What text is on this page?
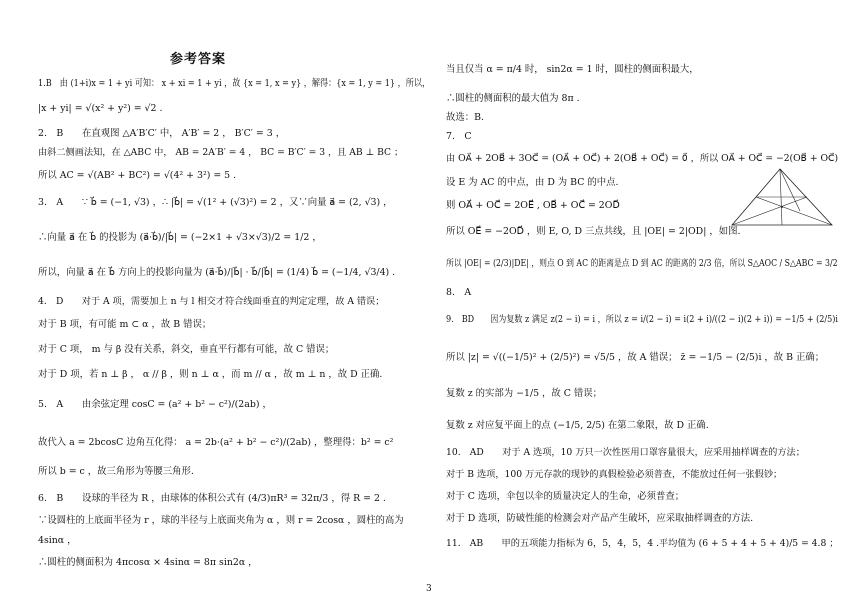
参考答案
1.B　由 (1+i)x = 1 + yi 可知： x + xi = 1 + yi ，故 {x = 1, x = y} ，解得：{x = 1, y = 1} ，所以，
|x + yi| = √(x² + y²) = √2 .
2.　B　　在直观图 △A′B′C′ 中， A′B′ = 2 ， B′C′ = 3 ，
由斜二侧画法知，在 △ABC 中， AB = 2A′B′ = 4 ， BC = B′C′ = 3 ，且 AB ⊥ BC ；
所以 AC = √(AB² + BC²) = √(4² + 3²) = 5 .
3.　A　　∵ b⃗ = (−1, √3) ，∴ |b⃗| = √(1² + (√3)²) = 2 ，又∵向量 a⃗ = (2, √3) ，
∴向量 a⃗ 在 b⃗ 的投影为 (a⃗·b⃗)/|b⃗| = (−2×1 + √3×√3)/2 = 1/2 ，
所以，向量 a⃗ 在 b⃗ 方向上的投影向量为 (a⃗·b⃗)/|b⃗| · b⃗/|b⃗| = (1/4) b⃗ = (−1/4, √3/4) .
4.　D　　对于 A 项，需要加上 n 与 l 相交才符合线面垂直的判定定理，故 A 错误；
对于 B 项，有可能 m ⊂ α ，故 B 错误；
对于 C 项， m 与 β 没有关系，斜交，垂直平行都有可能，故 C 错误；
对于 D 项，若 n ⊥ β ， α // β ，则 n ⊥ α ，而 m // α ，故 m ⊥ n ，故 D 正确.
5.　A　　由余弦定理 cosC = (a² + b² − c²)/(2ab) ，
故代入 a = 2bcosC 边角互化得： a = 2b·(a² + b² − c²)/(2ab) ，整理得：b² = c²
所以 b = c ，故三角形为等腰三角形.
6.　B　　设球的半径为 R ，由球体的体积公式有 (4/3)πR³ = 32π/3 ，得 R = 2 .
∵设圆柱的上底面半径为 r ，球的半径与上底面夹角为 α ，则 r = 2cosα ，圆柱的高为
4sinα ，
∴圆柱的侧面积为 4πcosα × 4sinα = 8π sin2α ，
当且仅当 α = π/4 时， sin2α = 1 时，圆柱的侧面积最大，
∴圆柱的侧面积的最大值为 8π .
故选：B.
7.　C
由 OA⃗ + 2OB⃗ + 3OC⃗ = (OA⃗ + OC⃗) + 2(OB⃗ + OC⃗) = 0⃗ ，所以 OA⃗ + OC⃗ = −2(OB⃗ + OC⃗)
设 E 为 AC 的中点，由 D 为 BC 的中点.
则 OA⃗ + OC⃗ = 2OE⃗ , OB⃗ + OC⃗ = 2OD⃗
所以 OE⃗ = −2OD⃗ ，则 E, O, D 三点共线，且 |OE| = 2|OD| ，如图.
所以 |OE| = (2/3)|DE| ，则点 O 到 AC 的距离是点 D 到 AC 的距离的 2/3 倍，所以 S△AOC / S△ABC = 3/2
8.　A
9.　BD　　因为复数 z 满足 z(2 − i) = i ，所以 z = i/(2 − i) = i(2 + i)/((2 − i)(2 + i)) = −1/5 + (2/5)i
所以 |z| = √((−1/5)² + (2/5)²) = √5/5 ，故 A 错误； z̄ = −1/5 − (2/5)i ，故 B 正确；
复数 z 的实部为 −1/5 ，故 C 错误；
复数 z 对应复平面上的点 (−1/5, 2/5) 在第二象限，故 D 正确.
10.　AD　　对于 A 选项，10 万只一次性医用口罩容量很大，应采用抽样调查的方法；
对于 B 选项，100 万元存款的现钞的真假检验必须普查，不能放过任何一张假钞；
对于 C 选项，伞包以伞的质量决定人的生命，必须普查；
对于 D 选项，防破性能的检测会对产品产生破坏，应采取抽样调查的方法.
11.　AB　　甲的五项能力指标为 6，5，4，5，4 .平均值为 (6 + 5 + 4 + 5 + 4)/5 = 4.8 ；
3
